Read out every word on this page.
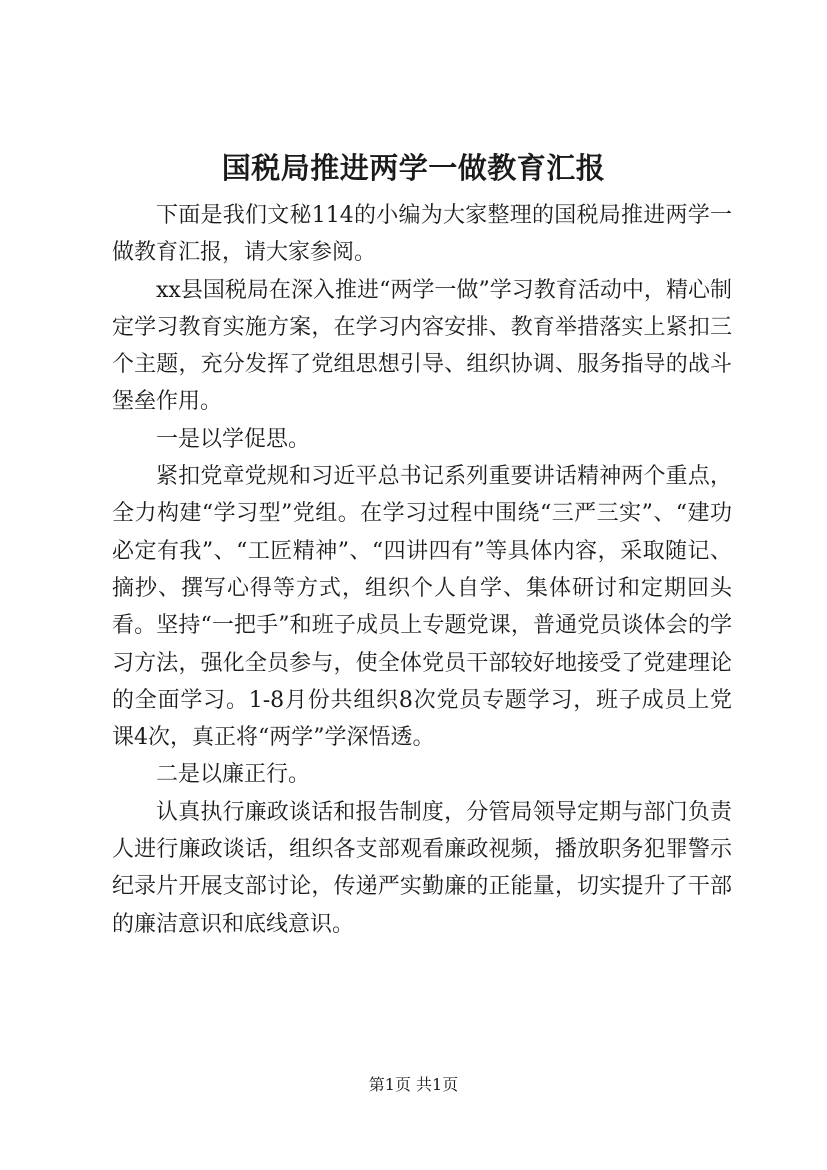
国税局推进两学一做教育汇报

下面是我们文秘114的小编为大家整理的国税局推进两学一做教育汇报，请大家参阅。

xx县国税局在深入推进“两学一做”学习教育活动中，精心制定学习教育实施方案，在学习内容安排、教育举措落实上紧扣三个主题，充分发挥了党组思想引导、组织协调、服务指导的战斗堡垒作用。

一是以学促思。

紧扣党章党规和习近平总书记系列重要讲话精神两个重点，全力构建“学习型”党组。在学习过程中围绕“三严三实”、“建功必定有我”、“工匠精神”、“四讲四有”等具体内容，采取随记、摘抄、撰写心得等方式，组织个人自学、集体研讨和定期回头看。坚持“一把手”和班子成员上专题党课，普通党员谈体会的学习方法，强化全员参与，使全体党员干部较好地接受了党建理论的全面学习。1-8月份共组织8次党员专题学习，班子成员上党课4次，真正将“两学”学深悟透。

二是以廉正行。

认真执行廉政谈话和报告制度，分管局领导定期与部门负责人进行廉政谈话，组织各支部观看廉政视频，播放职务犯罪警示纪录片开展支部讨论，传递严实勤廉的正能量，切实提升了干部的廉洁意识和底线意识。

第1页 共1页
